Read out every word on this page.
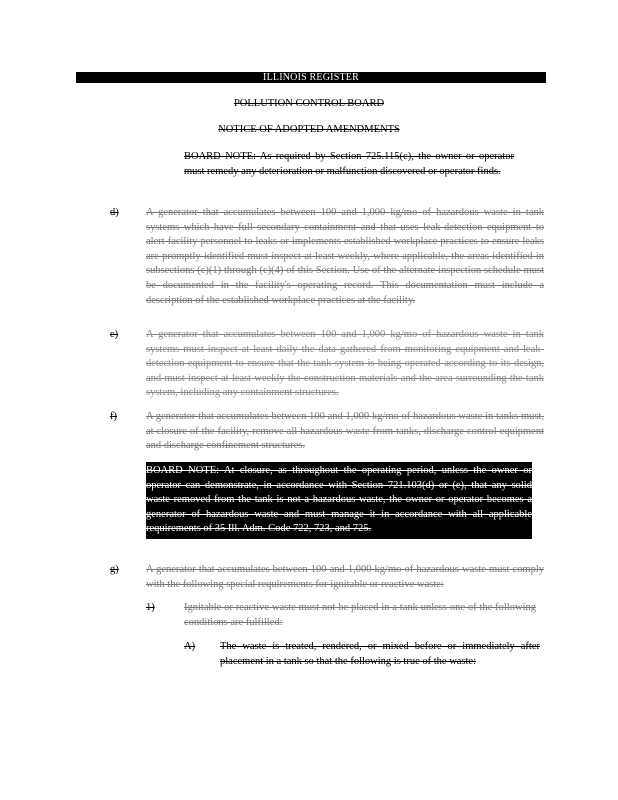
ILLINOIS REGISTER
POLLUTION CONTROL BOARD
NOTICE OF ADOPTED AMENDMENTS

BOARD NOTE: As required by Section 725.115(c), the owner or operator must remedy any deterioration or malfunction discovered or operator finds.

d)	A generator that accumulates between 100 and 1,000 kg/mo of hazardous waste in tank systems which have full secondary containment and that uses leak-detection equipment to alert facility personnel to leaks or implements established workplace practices to ensure leaks are promptly identified must inspect at least weekly, where applicable, the areas identified in subsections (c)(1) through (c)(4) of this Section. Use of the alternate inspection schedule must be documented in the facility's operating record. This documentation must include a description of the established workplace practices at the facility.

e)	A generator that accumulates between 100 and 1,000 kg/mo of hazardous waste in tank systems must inspect at least daily the data gathered from monitoring equipment and leak-detection equipment to ensure that the tank system is being operated according to its design, and must inspect at least weekly the construction materials and the area surrounding the tank system, including any containment structures.

f)	A generator that accumulates between 100 and 1,000 kg/mo of hazardous waste in tanks must, at closure of the facility, remove all hazardous waste from tanks, discharge control equipment and discharge confinement structures.

BOARD NOTE: At closure, as throughout the operating period, unless the owner or operator can demonstrate, in accordance with Section 721.103(d) or (e), that any solid waste removed from the tank is not a hazardous waste, the owner or operator becomes a generator of hazardous waste and must manage it in accordance with all applicable requirements of 35 Ill. Adm. Code 722, 723, and 725.

g)	A generator that accumulates between 100 and 1,000 kg/mo of hazardous waste must comply with the following special requirements for ignitable or reactive waste:

1)	Ignitable or reactive waste must not be placed in a tank unless one of the following conditions are fulfilled:

A) The waste is treated, rendered, or mixed before or immediately after placement in a tank so that the following is true of the waste:
